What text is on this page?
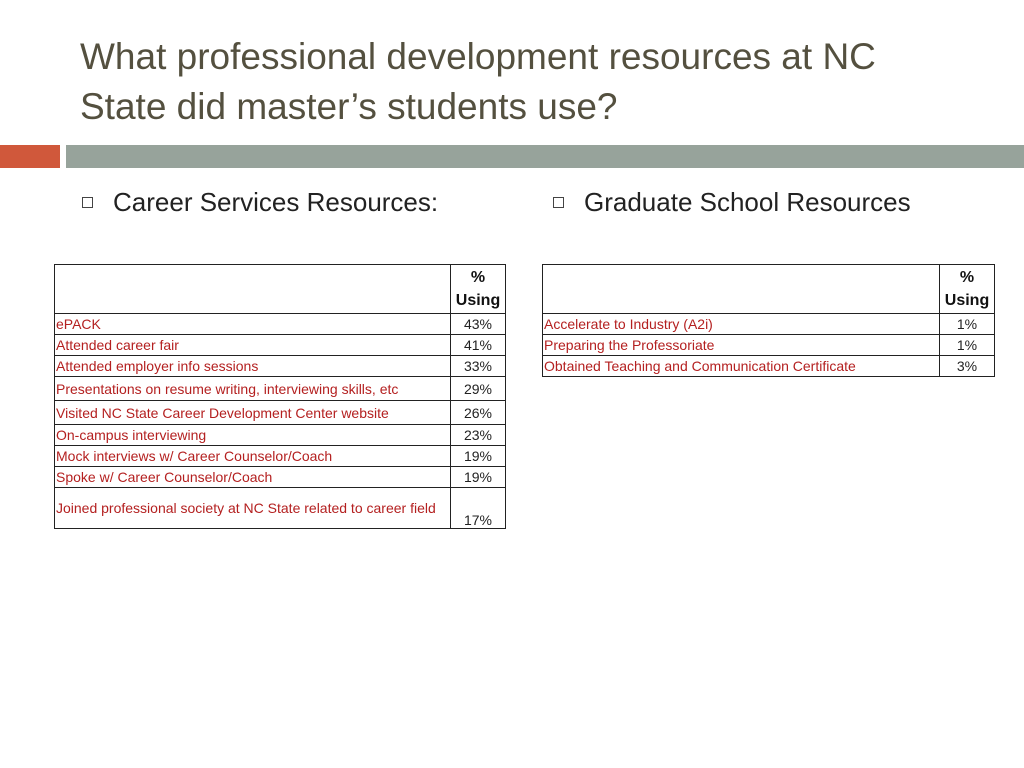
What professional development resources at NC
State did master’s students use?
Career Services Resources:	Graduate School Resources
	%
Using
ePACK	43%
Attended career fair	41%
Attended employer info sessions	33%
Presentations on resume writing, interviewing skills, etc	29%
Visited NC State Career Development Center website	26%
On-campus interviewing	23%
Mock interviews w/ Career Counselor/Coach	19%
Spoke w/ Career Counselor/Coach	19%
Joined professional society at NC State related to career field	17%
	%
Using
Accelerate to Industry (A2i)	1%
Preparing the Professoriate	1%
Obtained Teaching and Communication Certificate	3%
